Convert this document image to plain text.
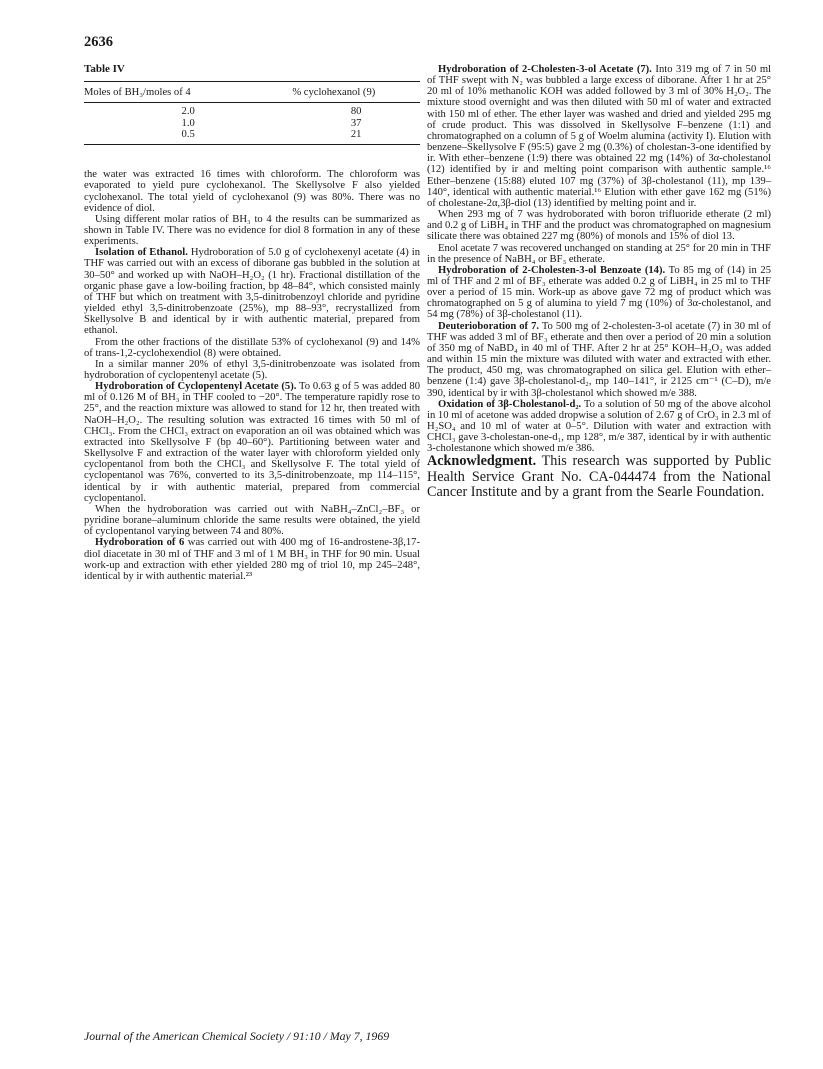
2636
Table IV
Moles of BH₃/moles of 4	% cyclohexanol (9)

2.0	80
1.0	37
0.5	21

the water was extracted 16 times with chloroform. The chloroform was evaporated to yield pure cyclohexanol. The Skellysolve F also yielded cyclohexanol. The total yield of cyclohexanol (9) was 80%. There was no evidence of diol.

Using different molar ratios of BH₃ to 4 the results can be summarized as shown in Table IV. There was no evidence for diol 8 formation in any of these experiments.

Isolation of Ethanol. Hydroboration of 5.0 g of cyclohexenyl acetate (4) in THF was carried out with an excess of diborane gas bubbled in the solution at 30–50° and worked up with NaOH–H₂O₂ (1 hr). Fractional distillation of the organic phase gave a low-boiling fraction, bp 48–84°, which consisted mainly of THF but which on treatment with 3,5-dinitrobenzoyl chloride and pyridine yielded ethyl 3,5-dinitrobenzoate (25%), mp 88–93°, recrystallized from Skellysolve B and identical by ir with authentic material, prepared from ethanol.

From the other fractions of the distillate 53% of cyclohexanol (9) and 14% of trans-1,2-cyclohexendiol (8) were obtained.

In a similar manner 20% of ethyl 3,5-dinitrobenzoate was isolated from hydroboration of cyclopentenyl acetate (5).

Hydroboration of Cyclopentenyl Acetate (5). To 0.63 g of 5 was added 80 ml of 0.126 M of BH₃ in THF cooled to −20°. The temperature rapidly rose to 25°, and the reaction mixture was allowed to stand for 12 hr, then treated with NaOH–H₂O₂. The resulting solution was extracted 16 times with 50 ml of CHCl₃. From the CHCl₃ extract on evaporation an oil was obtained which was extracted into Skellysolve F (bp 40–60°). Partitioning between water and Skellysolve F and extraction of the water layer with chloroform yielded only cyclopentanol from both the CHCl₃ and Skellysolve F. The total yield of cyclopentanol was 76%, converted to its 3,5-dinitrobenzoate, mp 114–115°, identical by ir with authentic material, prepared from commercial cyclopentanol.

When the hydroboration was carried out with NaBH₄–ZnCl₂–BF₃ or pyridine borane–aluminum chloride the same results were obtained, the yield of cyclopentanol varying between 74 and 80%.

Hydroboration of 6 was carried out with 400 mg of 16-androstene-3β,17-diol diacetate in 30 ml of THF and 3 ml of 1 M BH₃ in THF for 90 min. Usual work-up and extraction with ether yielded 280 mg of triol 10, mp 245–248°, identical by ir with authentic material.²³

Hydroboration of 2-Cholesten-3-ol Acetate (7). Into 319 mg of 7 in 50 ml of THF swept with N₂ was bubbled a large excess of diborane. After 1 hr at 25° 20 ml of 10% methanolic KOH was added followed by 3 ml of 30% H₂O₂. The mixture stood overnight and was then diluted with 50 ml of water and extracted with 150 ml of ether. The ether layer was washed and dried and yielded 295 mg of crude product. This was dissolved in Skellysolve F–benzene (1:1) and chromatographed on a column of 5 g of Woelm alumina (activity I). Elution with benzene–Skellysolve F (95:5) gave 2 mg (0.3%) of cholestan-3-one identified by ir. With ether–benzene (1:9) there was obtained 22 mg (14%) of 3α-cholestanol (12) identified by ir and melting point comparison with authentic sample.¹⁶ Ether–benzene (15:88) eluted 107 mg (37%) of 3β-cholestanol (11), mp 139–140°, identical with authentic material.¹⁶ Elution with ether gave 162 mg (51%) of cholestane-2α,3β-diol (13) identified by melting point and ir.

When 293 mg of 7 was hydroborated with boron trifluoride etherate (2 ml) and 0.2 g of LiBH₄ in THF and the product was chromatographed on magnesium silicate there was obtained 227 mg (80%) of monols and 15% of diol 13.

Enol acetate 7 was recovered unchanged on standing at 25° for 20 min in THF in the presence of NaBH₄ or BF₃ etherate.

Hydroboration of 2-Cholesten-3-ol Benzoate (14). To 85 mg of (14) in 25 ml of THF and 2 ml of BF₃ etherate was added 0.2 g of LiBH₄ in 25 ml to THF over a period of 15 min. Work-up as above gave 72 mg of product which was chromatographed on 5 g of alumina to yield 7 mg (10%) of 3α-cholestanol, and 54 mg (78%) of 3β-cholestanol (11).

Deuterioboration of 7. To 500 mg of 2-cholesten-3-ol acetate (7) in 30 ml of THF was added 3 ml of BF₃ etherate and then over a period of 20 min a solution of 350 mg of NaBD₄ in 40 ml of THF. After 2 hr at 25° KOH–H₂O₂ was added and within 15 min the mixture was diluted with water and extracted with ether. The product, 450 mg, was chromatographed on silica gel. Elution with ether–benzene (1:4) gave 3β-cholestanol-d₂, mp 140–141°, ir 2125 cm⁻¹ (C–D), m/e 390, identical by ir with 3β-cholestanol which showed m/e 388.

Oxidation of 3β-Cholestanol-d₂. To a solution of 50 mg of the above alcohol in 10 ml of acetone was added dropwise a solution of 2.67 g of CrO₃ in 2.3 ml of H₂SO₄ and 10 ml of water at 0–5°. Dilution with water and extraction with CHCl₃ gave 3-cholestan-one-d₁, mp 128°, m/e 387, identical by ir with authentic 3-cholestanone which showed m/e 386.

Acknowledgment. This research was supported by Public Health Service Grant No. CA-044474 from the National Cancer Institute and by a grant from the Searle Foundation.

Journal of the American Chemical Society / 91:10 / May 7, 1969
